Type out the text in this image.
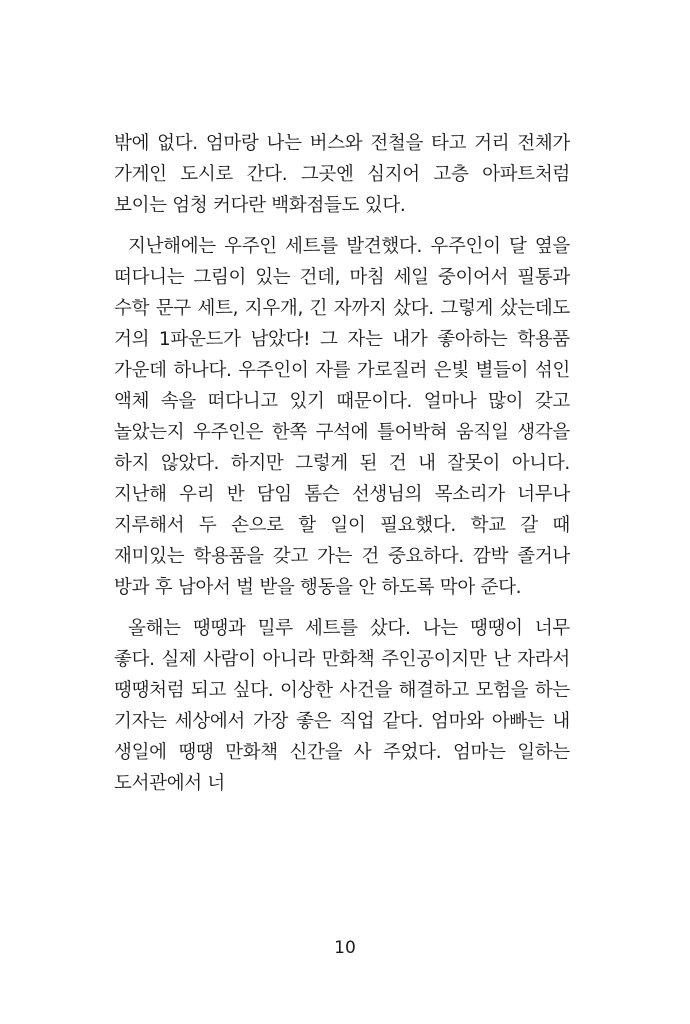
밖에 없다. 엄마랑 나는 버스와 전철을 타고 거리 전체가 가게인 도시로 간다. 그곳엔 심지어 고층 아파트처럼 보이는 엄청 커다란 백화점들도 있다.

지난해에는 우주인 세트를 발견했다. 우주인이 달 옆을 떠다니는 그림이 있는 건데, 마침 세일 중이어서 필통과 수학 문구 세트, 지우개, 긴 자까지 샀다. 그렇게 샀는데도 거의 1파운드가 남았다! 그 자는 내가 좋아하는 학용품 가운데 하나다. 우주인이 자를 가로질러 은빛 별들이 섞인 액체 속을 떠다니고 있기 때문이다. 얼마나 많이 갖고 놀았는지 우주인은 한쪽 구석에 틀어박혀 움직일 생각을 하지 않았다. 하지만 그렇게 된 건 내 잘못이 아니다. 지난해 우리 반 담임 톰슨 선생님의 목소리가 너무나 지루해서 두 손으로 할 일이 필요했다. 학교 갈 때 재미있는 학용품을 갖고 가는 건 중요하다. 깜박 졸거나 방과 후 남아서 벌 받을 행동을 안 하도록 막아 준다.

올해는 땡땡과 밀루 세트를 샀다. 나는 땡땡이 너무 좋다. 실제 사람이 아니라 만화책 주인공이지만 난 자라서 땡땡처럼 되고 싶다. 이상한 사건을 해결하고 모험을 하는 기자는 세상에서 가장 좋은 직업 같다. 엄마와 아빠는 내 생일에 땡땡 만화책 신간을 사 주었다. 엄마는 일하는 도서관에서 너

10
